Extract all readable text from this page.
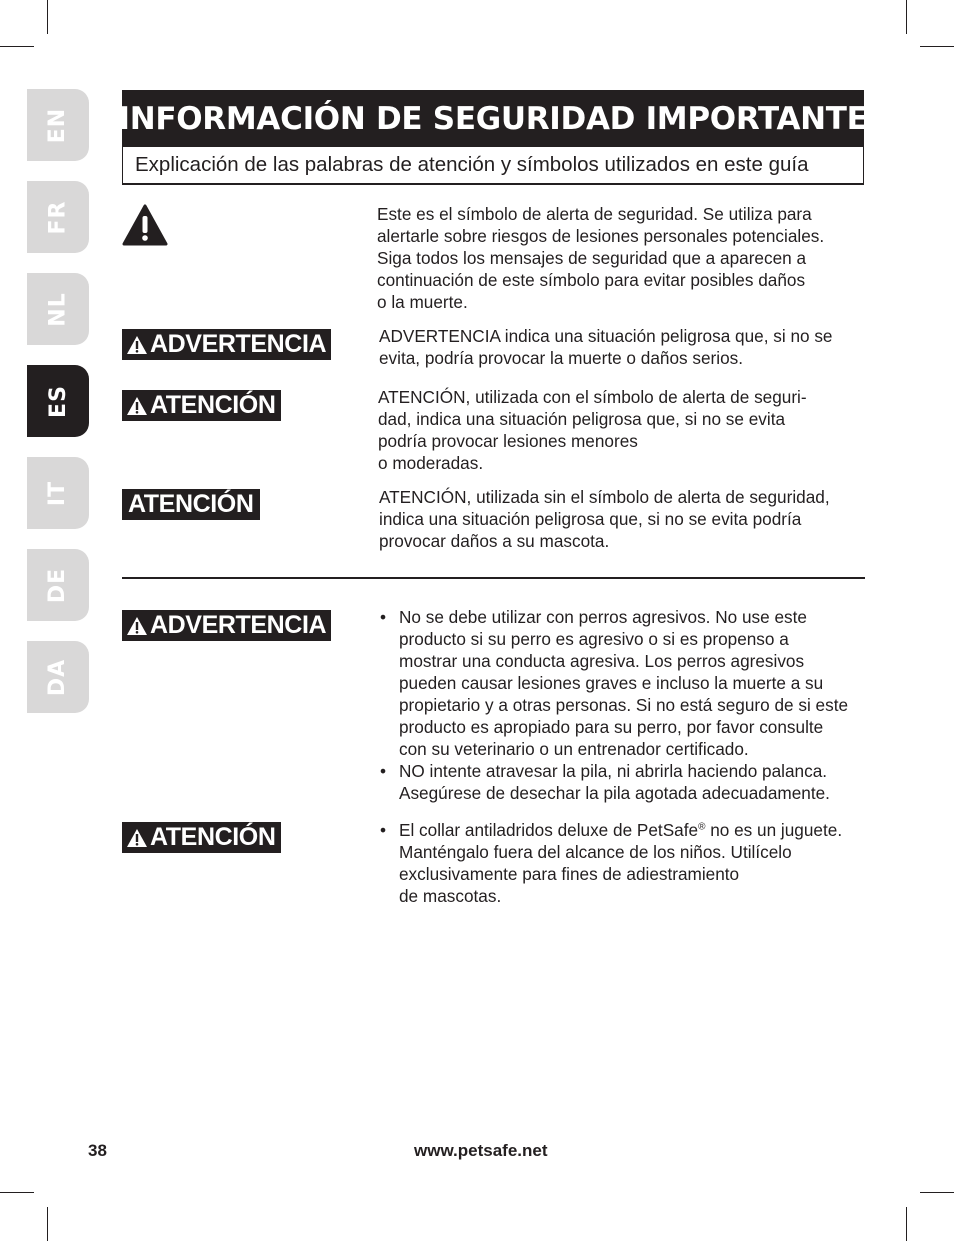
EN
FR
NL
ES
IT
DE
DA
INFORMACIÓN DE SEGURIDAD IMPORTANTE
Explicación de las palabras de atención y símbolos utilizados en este guía
Este es el símbolo de alerta de seguridad. Se utiliza para
alertarle sobre riesgos de lesiones personales potenciales.
Siga todos los mensajes de seguridad que a aparecen a
continuación de este símbolo para evitar posibles daños
o la muerte.
ADVERTENCIA	ADVERTENCIA indica una situación peligrosa que, si no se
evita, podría provocar la muerte o daños serios.
ATENCIÓN	ATENCIÓN, utilizada con el símbolo de alerta de seguri-
dad, indica una situación peligrosa que, si no se evita
podría provocar lesiones menores
o moderadas.
ATENCIÓN	ATENCIÓN, utilizada sin el símbolo de alerta de seguridad,
indica una situación peligrosa que, si no se evita podría
provocar daños a su mascota.
ADVERTENCIA	• No se debe utilizar con perros agresivos. No use este
producto si su perro es agresivo o si es propenso a
mostrar una conducta agresiva. Los perros agresivos
pueden causar lesiones graves e incluso la muerte a su
propietario y a otras personas. Si no está seguro de si este
producto es apropiado para su perro, por favor consulte
con su veterinario o un entrenador certificado.
• NO intente atravesar la pila, ni abrirla haciendo palanca.
Asegúrese de desechar la pila agotada adecuadamente.
ATENCIÓN	• El collar antiladridos deluxe de PetSafe® no es un juguete.
Manténgalo fuera del alcance de los niños. Utilícelo
exclusivamente para fines de adiestramiento
de mascotas.
38	www.petsafe.net
